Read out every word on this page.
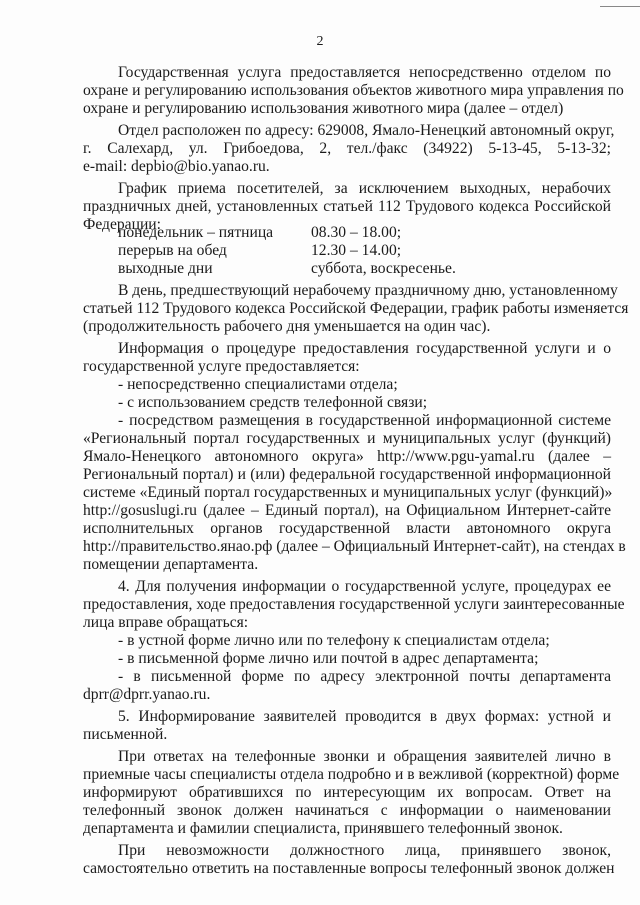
2
Государственная услуга предоставляется непосредственно отделом по
охране и регулированию использования объектов животного мира управления по
охране и регулированию использования животного мира (далее – отдел)
Отдел расположен по адресу: 629008, Ямало-Ненецкий автономный округ,
г. Салехард, ул. Грибоедова, 2, тел./факс (34922) 5-13-45, 5-13-32;
e-mail: depbio@bio.yanao.ru.
График приема посетителей, за исключением выходных, нерабочих
праздничных дней, установленных статьей 112 Трудового кодекса Российской
Федерации:
понедельник – пятница 08.30 – 18.00;
перерыв на обед	12.30 – 14.00;
выходные дни	суббота, воскресенье.
В день, предшествующий нерабочему праздничному дню, установленному
статьей 112 Трудового кодекса Российской Федерации, график работы изменяется
(продолжительность рабочего дня уменьшается на один час).
Информация о процедуре предоставления государственной услуги и о
государственной услуге предоставляется:
- непосредственно специалистами отдела;
- с использованием средств телефонной связи;
- посредством размещения в государственной информационной системе
«Региональный портал государственных и муниципальных услуг (функций)
Ямало-Ненецкого автономного округа» http://www.pgu-yamal.ru (далее –
Региональный портал) и (или) федеральной государственной информационной
системе «Единый портал государственных и муниципальных услуг (функций)»
http://gosuslugi.ru (далее – Единый портал), на Официальном Интернет-сайте
исполнительных органов государственной власти автономного округа
http://правительство.янао.рф (далее – Официальный Интернет-сайт), на стендах в
помещении департамента.
4. Для получения информации о государственной услуге, процедурах ее
предоставления, ходе предоставления государственной услуги заинтересованные
лица вправе обращаться:
- в устной форме лично или по телефону к специалистам отдела;
- в письменной форме лично или почтой в адрес департамента;
- в письменной форме по адресу электронной почты департамента
dprr@dprr.yanao.ru.
5. Информирование заявителей проводится в двух формах: устной и
письменной.
При ответах на телефонные звонки и обращения заявителей лично в
приемные часы специалисты отдела подробно и в вежливой (корректной) форме
информируют обратившихся по интересующим их вопросам. Ответ на
телефонный звонок должен начинаться с информации о наименовании
департамента и фамилии специалиста, принявшего телефонный звонок.
При невозможности должностного лица, принявшего звонок,
самостоятельно ответить на поставленные вопросы телефонный звонок должен
